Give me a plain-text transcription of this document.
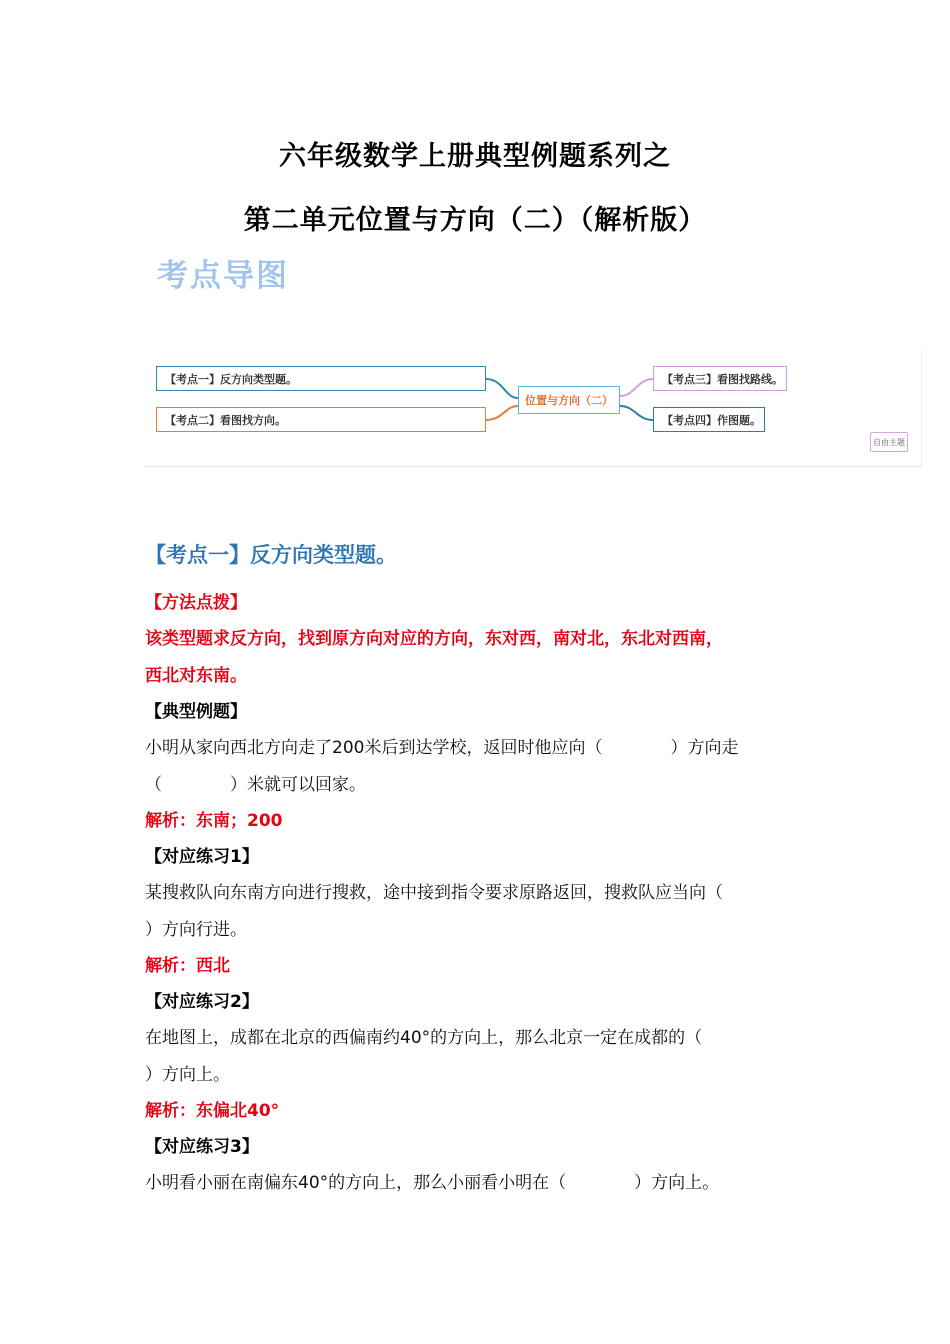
六年级数学上册典型例题系列之
第二单元位置与方向（二）（解析版）
考点导图
【考点一】反方向类型题。
【考点二】看图找方向。
位置与方向（二）
【考点三】看图找路线。
【考点四】作图题。
自由主题
【考点一】反方向类型题。
【方法点拨】
该类型题求反方向，找到原方向对应的方向，东对西，南对北，东北对西南，
西北对东南。
【典型例题】
小明从家向西北方向走了200米后到达学校，返回时他应向（　　　　）方向走
（　　　　）米就可以回家。
解析：东南；200
【对应练习1】
某搜救队向东南方向进行搜救，途中接到指令要求原路返回，搜救队应当向（
）方向行进。
解析：西北
【对应练习2】
在地图上，成都在北京的西偏南约40°的方向上，那么北京一定在成都的（
）方向上。
解析：东偏北40°
【对应练习3】
小明看小丽在南偏东40°的方向上，那么小丽看小明在（　　　　）方向上。
